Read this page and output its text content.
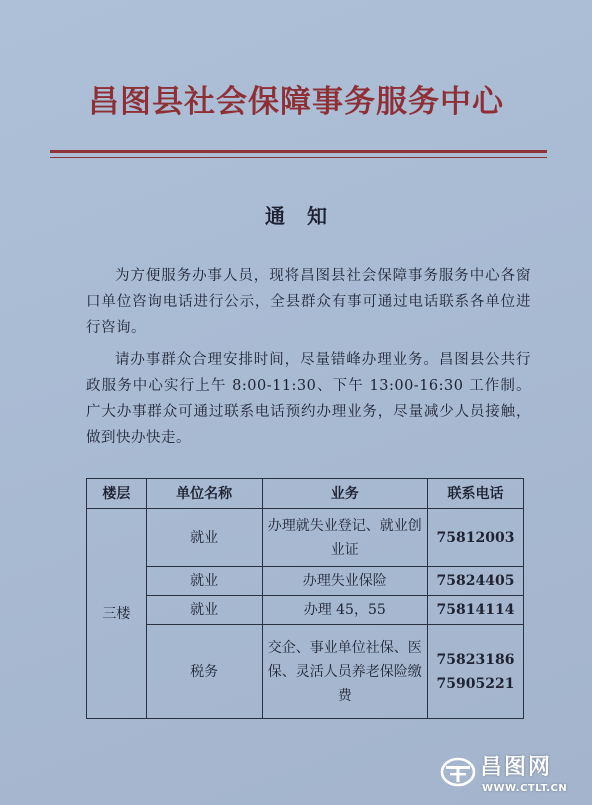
昌图县社会保障事务服务中心
通知

为方便服务办事人员，现将昌图县社会保障事务服务中心各窗口单位咨询电话进行公示，全县群众有事可通过电话联系各单位进行咨询。

请办事群众合理安排时间，尽量错峰办理业务。昌图县公共行政服务中心实行上午 8:00-11:30、下午 13:00-16:30 工作制。广大办事群众可通过联系电话预约办理业务，尽量减少人员接触，做到快办快走。

楼层	单位名称	业务	联系电话
三楼	就业	办理就失业登记、就业创业证	75812003

	就业	办理失业保险	75824405

	就业	办理 45，55	75814114

	税务	交企、事业单位社保、医保、灵活人员养老保险缴费	75823186
75905221
昌图网
WWW.CTLT.CN
